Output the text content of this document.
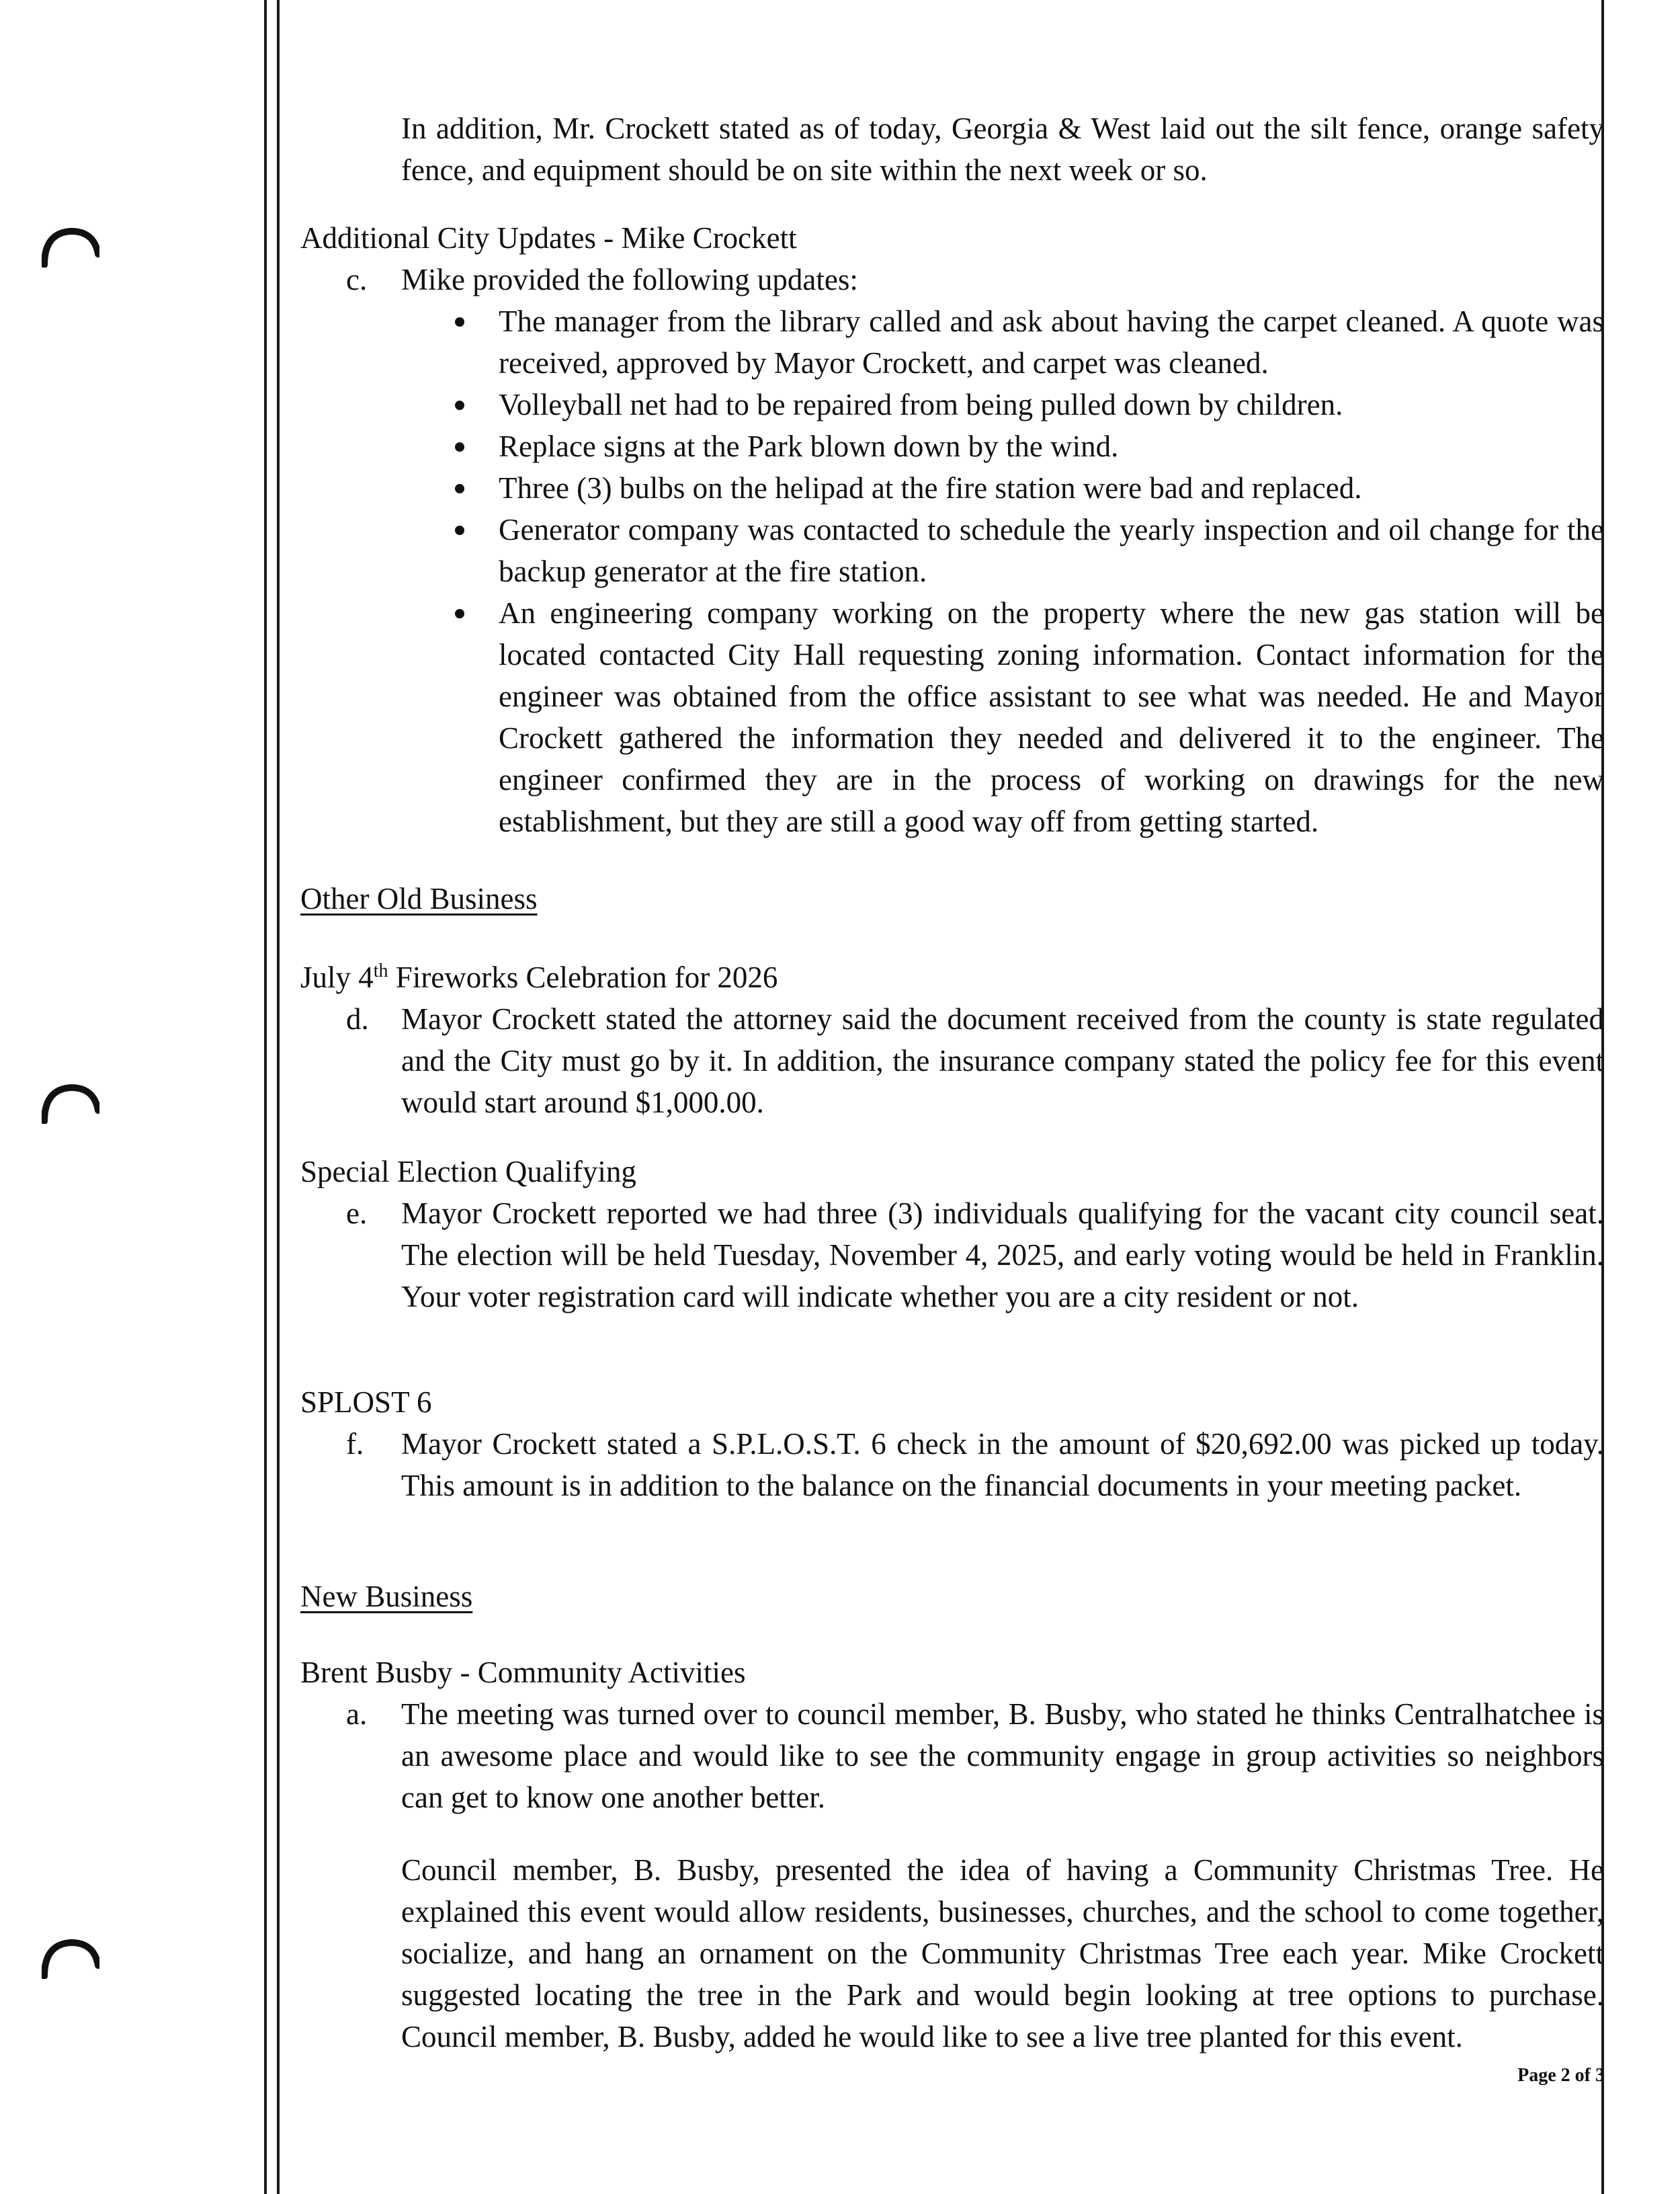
In addition, Mr. Crockett stated as of today, Georgia & West laid out the silt fence, orange safety fence, and equipment should be on site within the next week or so.
Additional City Updates - Mike Crockett
c. Mike provided the following updates:
The manager from the library called and ask about having the carpet cleaned. A quote was received, approved by Mayor Crockett, and carpet was cleaned.
Volleyball net had to be repaired from being pulled down by children.
Replace signs at the Park blown down by the wind.
Three (3) bulbs on the helipad at the fire station were bad and replaced.
Generator company was contacted to schedule the yearly inspection and oil change for the backup generator at the fire station.
An engineering company working on the property where the new gas station will be located contacted City Hall requesting zoning information. Contact information for the engineer was obtained from the office assistant to see what was needed. He and Mayor Crockett gathered the information they needed and delivered it to the engineer. The engineer confirmed they are in the process of working on drawings for the new establishment, but they are still a good way off from getting started.
Other Old Business
July 4th Fireworks Celebration for 2026
d. Mayor Crockett stated the attorney said the document received from the county is state regulated and the City must go by it. In addition, the insurance company stated the policy fee for this event would start around $1,000.00.
Special Election Qualifying
e. Mayor Crockett reported we had three (3) individuals qualifying for the vacant city council seat. The election will be held Tuesday, November 4, 2025, and early voting would be held in Franklin. Your voter registration card will indicate whether you are a city resident or not.
SPLOST 6
f. Mayor Crockett stated a S.P.L.O.S.T. 6 check in the amount of $20,692.00 was picked up today. This amount is in addition to the balance on the financial documents in your meeting packet.
New Business
Brent Busby - Community Activities
a. The meeting was turned over to council member, B. Busby, who stated he thinks Centralhatchee is an awesome place and would like to see the community engage in group activities so neighbors can get to know one another better.
Council member, B. Busby, presented the idea of having a Community Christmas Tree. He explained this event would allow residents, businesses, churches, and the school to come together, socialize, and hang an ornament on the Community Christmas Tree each year. Mike Crockett suggested locating the tree in the Park and would begin looking at tree options to purchase. Council member, B. Busby, added he would like to see a live tree planted for this event.
Page 2 of 3
